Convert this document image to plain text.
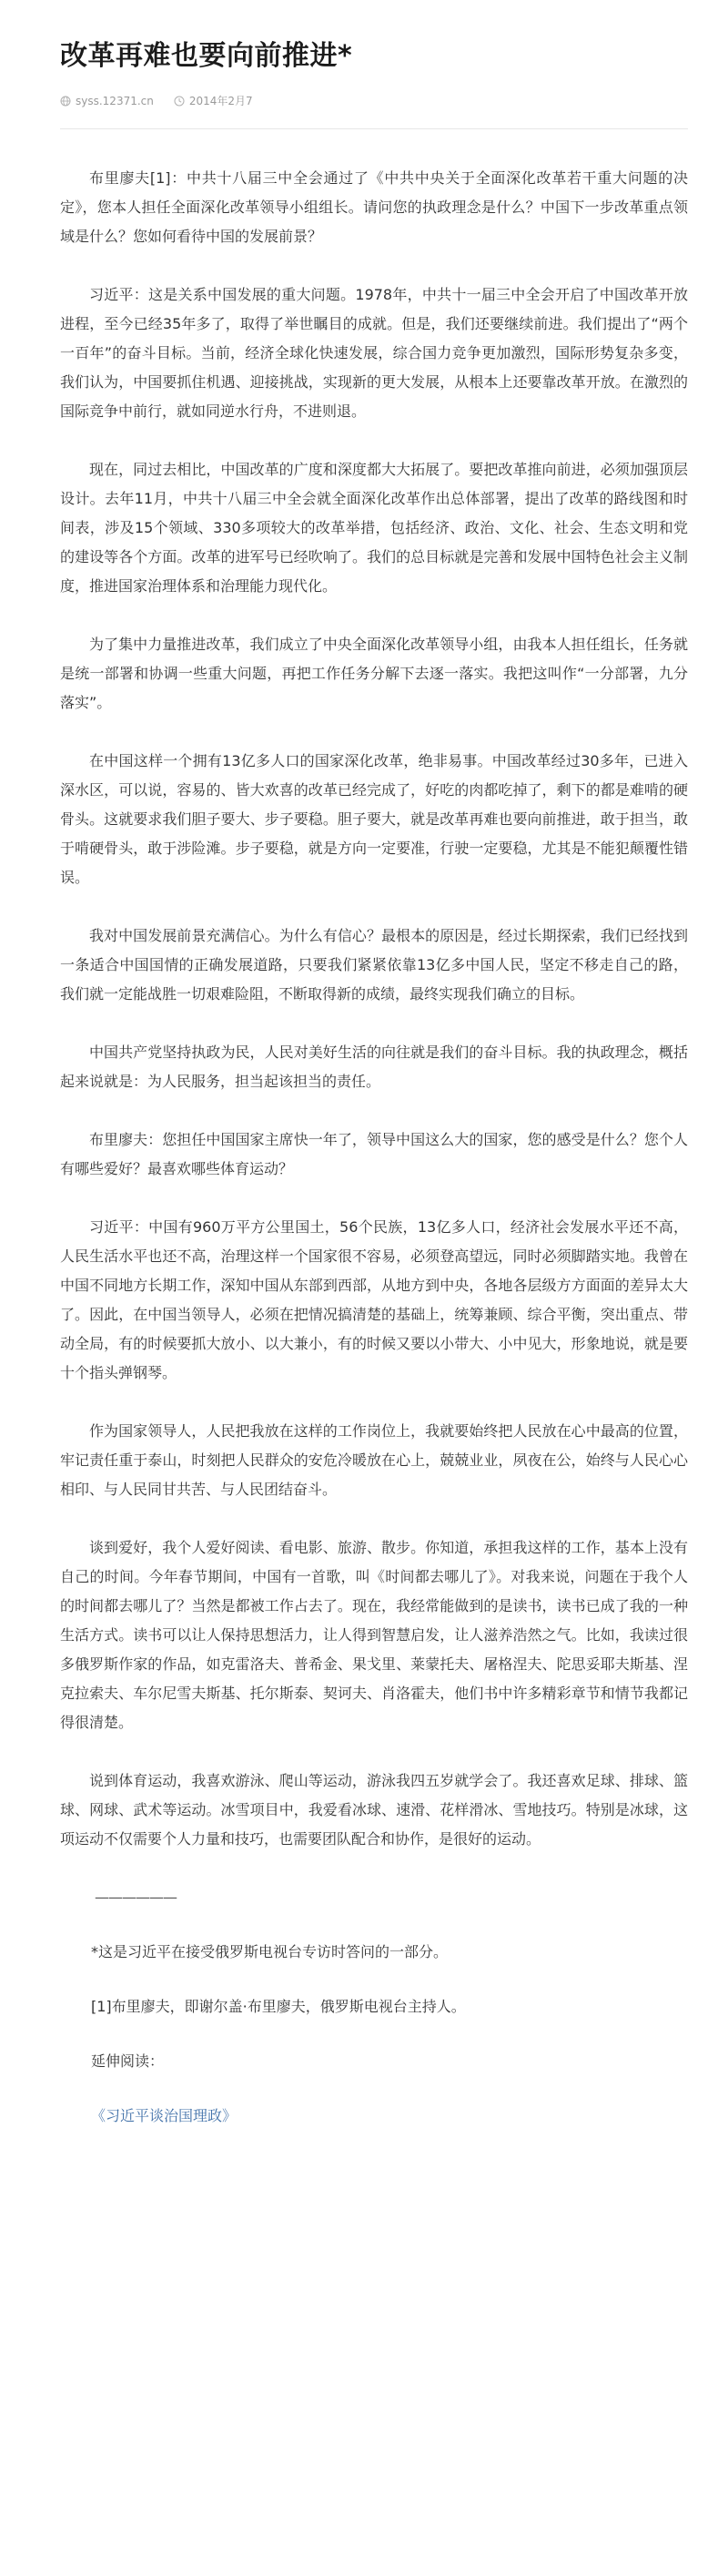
改革再难也要向前推进*
syss.12371.cn	2014年2月7

布里廖夫[1]：中共十八届三中全会通过了《中共中央关于全面深化改革若干重大问题的决定》，您本人担任全面深化改革领导小组组长。请问您的执政理念是什么？中国下一步改革重点领域是什么？您如何看待中国的发展前景？

习近平：这是关系中国发展的重大问题。1978年，中共十一届三中全会开启了中国改革开放进程，至今已经35年多了，取得了举世瞩目的成就。但是，我们还要继续前进。我们提出了“两个一百年”的奋斗目标。当前，经济全球化快速发展，综合国力竞争更加激烈，国际形势复杂多变，我们认为，中国要抓住机遇、迎接挑战，实现新的更大发展，从根本上还要靠改革开放。在激烈的国际竞争中前行，就如同逆水行舟，不进则退。

现在，同过去相比，中国改革的广度和深度都大大拓展了。要把改革推向前进，必须加强顶层设计。去年11月，中共十八届三中全会就全面深化改革作出总体部署，提出了改革的路线图和时间表，涉及15个领域、330多项较大的改革举措，包括经济、政治、文化、社会、生态文明和党的建设等各个方面。改革的进军号已经吹响了。我们的总目标就是完善和发展中国特色社会主义制度，推进国家治理体系和治理能力现代化。

为了集中力量推进改革，我们成立了中央全面深化改革领导小组，由我本人担任组长，任务就是统一部署和协调一些重大问题，再把工作任务分解下去逐一落实。我把这叫作“一分部署，九分落实”。

在中国这样一个拥有13亿多人口的国家深化改革，绝非易事。中国改革经过30多年，已进入深水区，可以说，容易的、皆大欢喜的改革已经完成了，好吃的肉都吃掉了，剩下的都是难啃的硬骨头。这就要求我们胆子要大、步子要稳。胆子要大，就是改革再难也要向前推进，敢于担当，敢于啃硬骨头，敢于涉险滩。步子要稳，就是方向一定要准，行驶一定要稳，尤其是不能犯颠覆性错误。

我对中国发展前景充满信心。为什么有信心？最根本的原因是，经过长期探索，我们已经找到一条适合中国国情的正确发展道路，只要我们紧紧依靠13亿多中国人民，坚定不移走自己的路，我们就一定能战胜一切艰难险阻，不断取得新的成绩，最终实现我们确立的目标。

中国共产党坚持执政为民，人民对美好生活的向往就是我们的奋斗目标。我的执政理念，概括起来说就是：为人民服务，担当起该担当的责任。

布里廖夫：您担任中国国家主席快一年了，领导中国这么大的国家，您的感受是什么？您个人有哪些爱好？最喜欢哪些体育运动？

习近平：中国有960万平方公里国土，56个民族，13亿多人口，经济社会发展水平还不高，人民生活水平也还不高，治理这样一个国家很不容易，必须登高望远，同时必须脚踏实地。我曾在中国不同地方长期工作，深知中国从东部到西部，从地方到中央，各地各层级方方面面的差异太大了。因此，在中国当领导人，必须在把情况搞清楚的基础上，统筹兼顾、综合平衡，突出重点、带动全局，有的时候要抓大放小、以大兼小，有的时候又要以小带大、小中见大，形象地说，就是要十个指头弹钢琴。

作为国家领导人，人民把我放在这样的工作岗位上，我就要始终把人民放在心中最高的位置，牢记责任重于泰山，时刻把人民群众的安危冷暖放在心上，兢兢业业，夙夜在公，始终与人民心心相印、与人民同甘共苦、与人民团结奋斗。

谈到爱好，我个人爱好阅读、看电影、旅游、散步。你知道，承担我这样的工作，基本上没有自己的时间。今年春节期间，中国有一首歌，叫《时间都去哪儿了》。对我来说，问题在于我个人的时间都去哪儿了？当然是都被工作占去了。现在，我经常能做到的是读书，读书已成了我的一种生活方式。读书可以让人保持思想活力，让人得到智慧启发，让人滋养浩然之气。比如，我读过很多俄罗斯作家的作品，如克雷洛夫、普希金、果戈里、莱蒙托夫、屠格涅夫、陀思妥耶夫斯基、涅克拉索夫、车尔尼雪夫斯基、托尔斯泰、契诃夫、肖洛霍夫，他们书中许多精彩章节和情节我都记得很清楚。

说到体育运动，我喜欢游泳、爬山等运动，游泳我四五岁就学会了。我还喜欢足球、排球、篮球、网球、武术等运动。冰雪项目中，我爱看冰球、速滑、花样滑冰、雪地技巧。特别是冰球，这项运动不仅需要个人力量和技巧，也需要团队配合和协作，是很好的运动。

——————

*这是习近平在接受俄罗斯电视台专访时答问的一部分。

[1]布里廖夫，即谢尔盖·布里廖夫，俄罗斯电视台主持人。

延伸阅读：

《习近平谈治国理政》
